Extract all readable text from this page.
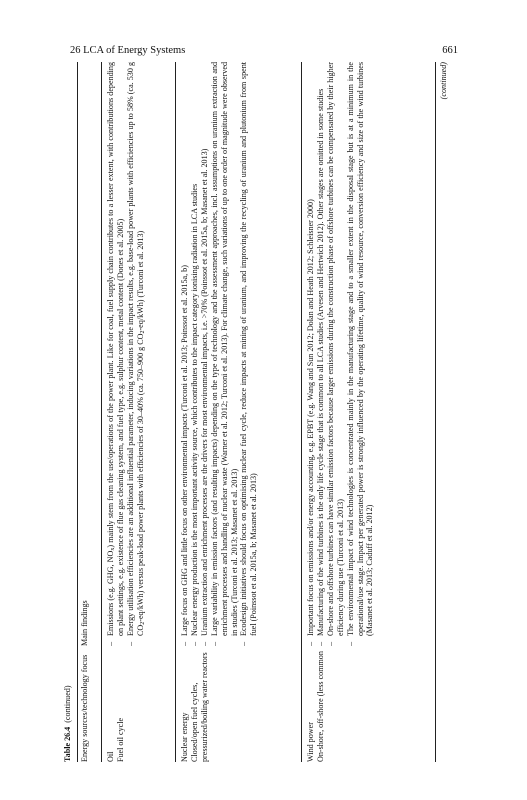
26 LCA of Energy Systems	661
Table 26.4(continued) Energy sources/technology focus
Main findings
Oil Fuel oil cycle
– Emissions (e.g. GHG, $NO_x$) mainly stem from the use/operations of the power plant. Like for coal, fuel supply chain contributes to a lesser extent, with contributions depending on plant settings, e.g. existence of flue gas cleaning system, and fuel type, e.g. sulphur content, metal content (Dones et al. 2005) – Energy utilisation efficiencies are an additional influential parameter, inducing variations in the impact results, e.g. base-load power plants with efficiencies up to 58% (ca. 530 g $CO_2-eq/kWh$) versus peak-load power plants with efficiencies of 30–40% (ca. 750–900 g $CO_2-eq/kWh$) (Turconi et al. 2013)
Nuclear energy Closed/open fuel cycles, pressurized/boiling water reactors
– Large focus on GHG and little focus on other environmental impacts (Turconi et al. 2013; Poinssot et al. 2015a, b) – Nuclear energy production is the most important activity source, which contributes to the impact category ionising radiation in LCA studies – Uranium extraction and enrichment processes are the drivers for most environmental impacts, i.e. >70% (Poinssot et al. 2015a, b; Masanet et al. 2013) – Large variability in emission factors (and resulting impacts) depending on the type of technology and the assessment approaches, incl. assumptions on uranium extraction and enrichment processes and handling of nuclear waste (Warner et al. 2012; Turconi et al. 2013). For climate change, such variations of up to one order of magnitude were observed in studies (Turconi et al. 2013; Masanet et al. 2013) – Ecodesign initiatives should focus on optimising nuclear fuel cycle, reduce impacts at mining of uranium, and improving the recycling of uranium and plutonium from spent fuel (Poinssot et al. 2015a, b; Masanet et al. 2013)
Wind power On-shore, off-shore (less common
– Important focus on emissions and/or energy accounting, e.g. EPBT (e.g. Wang and Sun 2012; Dolan and Heath 2012; Schleisner 2000) – Manufacturing of the wind turbines is the only life cycle stage that is common to all LCA studies (Arvesen and Hertwich 2012). Other stages are omitted in some studies – On-shore and offshore turbines can have similar emission factors because larger emissions during the construction phase of offshore turbines can be compensated by their higher efficiency during use (Turconi et al. 2013) – The environmental impact of wind technologies is concentrated mainly in the manufacturing stage and to a smaller extent in the disposal stage but is at a minimum in the operational/use stage. Impact per generated power is strongly influenced by the operating lifetime, quality of wind resource, conversion efficiency and size of the wind turbines (Masanet et al. 2013; Caduff et al. 2012)
(continued)
